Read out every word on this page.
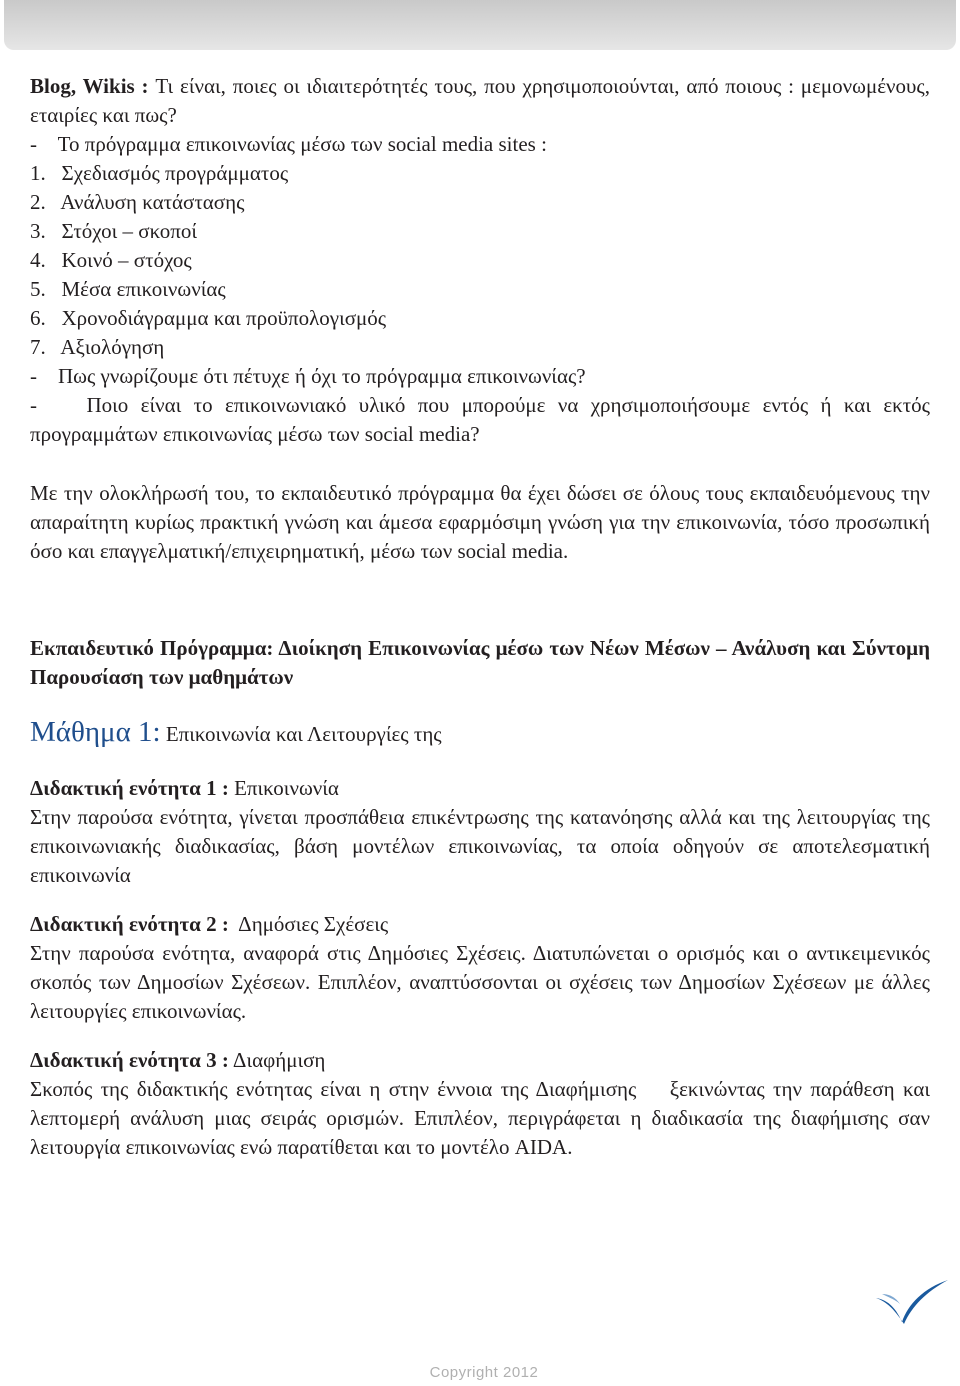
Blog, Wikis : Τι είναι, ποιες οι ιδιαιτερότητές τους, που χρησιμοποιούνται, από ποιους : μεμονωμένους, εταιρίες και πως?

-    Το πρόγραμμα επικοινωνίας μέσω των social media sites :

1.   Σχεδιασμός προγράμματος

2.   Ανάλυση κατάστασης

3.   Στόχοι – σκοποί

4.   Κοινό – στόχος

5.   Μέσα επικοινωνίας

6.   Χρονοδιάγραμμα και προϋπολογισμός

7.   Αξιολόγηση

-    Πως γνωρίζουμε ότι πέτυχε ή όχι το πρόγραμμα επικοινωνίας?

-    Ποιο είναι το επικοινωνιακό υλικό που μπορούμε να χρησιμοποιήσουμε εντός ή και εκτός προγραμμάτων επικοινωνίας μέσω των social media?

Με την ολοκλήρωσή του, το εκπαιδευτικό πρόγραμμα θα έχει δώσει σε όλους τους εκπαιδευόμενους την απαραίτητη κυρίως πρακτική γνώση και άμεσα εφαρμόσιμη γνώση για την επικοινωνία, τόσο προσωπική όσο και επαγγελματική/επιχειρηματική, μέσω των social media.

Εκπαιδευτικό Πρόγραμμα: Διοίκηση Επικοινωνίας μέσω των Νέων Μέσων – Ανάλυση και Σύντομη Παρουσίαση των μαθημάτων

Μάθημα 1: Επικοινωνία και Λειτουργίες της

Διδακτική ενότητα 1 : Επικοινωνία

Στην παρούσα ενότητα, γίνεται προσπάθεια επικέντρωσης της κατανόησης αλλά και της λειτουργίας της επικοινωνιακής διαδικασίας, βάση μοντέλων επικοινωνίας, τα οποία οδηγούν σε αποτελεσματική επικοινωνία

Διδακτική ενότητα 2 :  Δημόσιες Σχέσεις

Στην παρούσα ενότητα, αναφορά στις Δημόσιες Σχέσεις. Διατυπώνεται ο ορισμός και ο αντικειμενικός σκοπός των Δημοσίων Σχέσεων. Επιπλέον, αναπτύσσονται οι σχέσεις των Δημοσίων Σχέσεων με άλλες λειτουργίες επικοινωνίας.

Διδακτική ενότητα 3 : Διαφήμιση

Σκοπός της διδακτικής ενότητας είναι η στην έννοια της Διαφήμισης    ξεκινώντας την παράθεση και λεπτομερή ανάλυση μιας σειράς ορισμών. Επιπλέον, περιγράφεται η διαδικασία της διαφήμισης σαν λειτουργία επικοινωνίας ενώ παρατίθεται και το μοντέλο AIDA.

Copyright 2012
